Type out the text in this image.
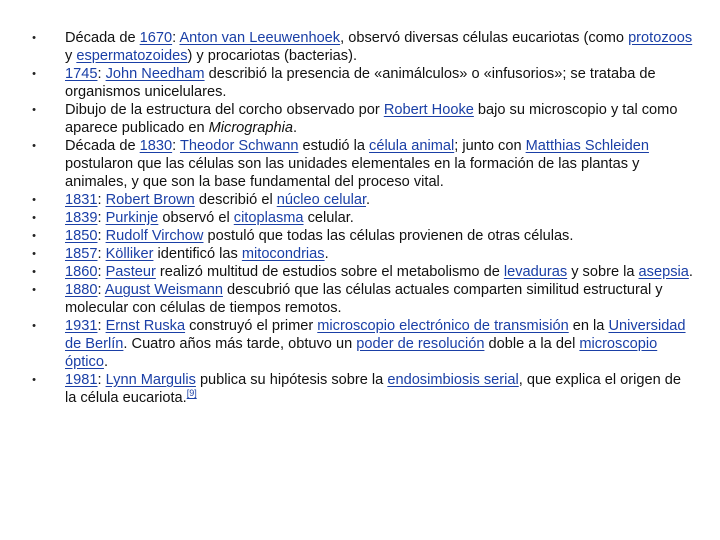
• Década de 1670: Anton van Leeuwenhoek, observó diversas células eucariotas (como protozoos y espermatozoides) y procariotas (bacterias).
• 1745: John Needham describió la presencia de «animálculos» o «infusorios»; se trataba de organismos unicelulares.
• Dibujo de la estructura del corcho observado por Robert Hooke bajo su microscopio y tal como aparece publicado en Micrographia.
• Década de 1830: Theodor Schwann estudió la célula animal; junto con Matthias Schleiden postularon que las células son las unidades elementales en la formación de las plantas y animales, y que son la base fundamental del proceso vital.
• 1831: Robert Brown describió el núcleo celular.
• 1839: Purkinje observó el citoplasma celular.
• 1850: Rudolf Virchow postuló que todas las células provienen de otras células.
• 1857: Kölliker identificó las mitocondrias.
• 1860: Pasteur realizó multitud de estudios sobre el metabolismo de levaduras y sobre la asepsia.
• 1880: August Weismann descubrió que las células actuales comparten similitud estructural y molecular con células de tiempos remotos.
• 1931: Ernst Ruska construyó el primer microscopio electrónico de transmisión en la Universidad de Berlín. Cuatro años más tarde, obtuvo un poder de resolución doble a la del microscopio óptico.
• 1981: Lynn Margulis publica su hipótesis sobre la endosimbiosis serial, que explica el origen de la célula eucariota.[9]
